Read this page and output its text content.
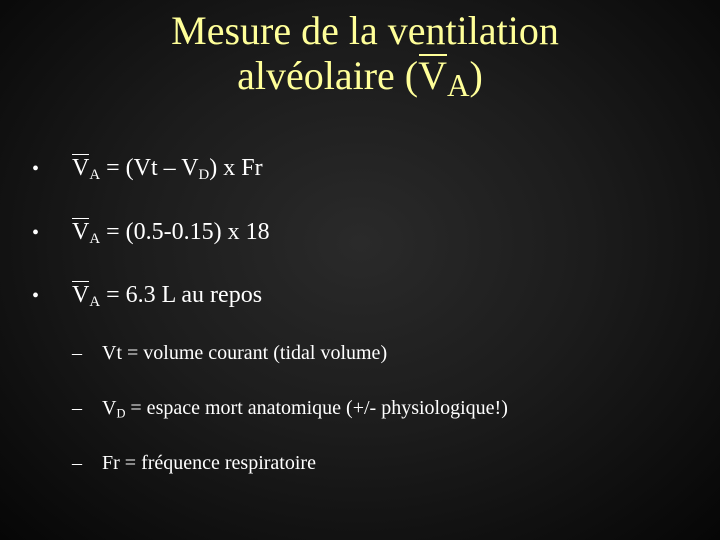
Mesure de la ventilation
alvéolaire $(V_A)$
• $V_A = (Vt - V_D)$ x Fr
• $V_A = (0.5-0.15)$ x 18
• $V_A = 6.3$ L au repos
– Vt = volume courant (tidal volume)
– $V_D$ = espace mort anatomique (+/- physiologique!)
– Fr = fréquence respiratoire
